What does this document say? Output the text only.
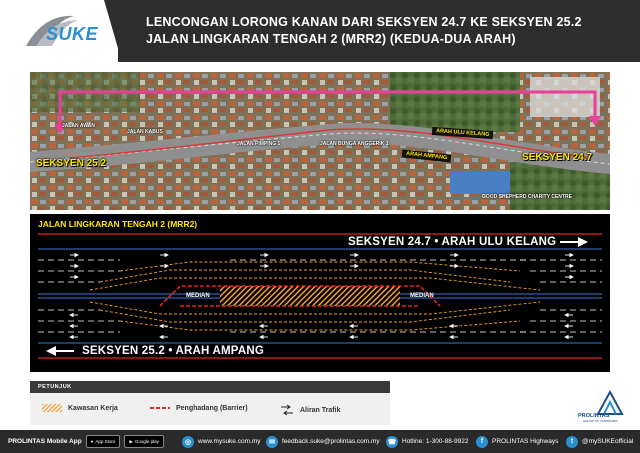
SUKE
LENCONGAN LORONG KANAN DARI SEKSYEN 24.7 KE SEKSYEN 25.2
JALAN LINGKARAN TENGAH 2 (MRR2) (KEDUA-DUA ARAH)
JALAN AWAN
JALAN KABUS
JALAN PIMPING 1	JALAN BUNGA ANGGERIK 1
GOOD SHEPHERD CHARITY CENTRE
SEKSYEN 25.2
SEKSYEN 24.7
ARAH ULU KELANG
ARAH AMPANG
JALAN LINGKARAN TENGAH 2 (MRR2)
SEKSYEN 24.7 • ARAH ULU KELANG
SEKSYEN 25.2 • ARAH AMPANG
MEDIAN	MEDIAN
PETUNJUK
Kawasan Kerja	Penghadang (Barrier)	Aliran Trafik
PROLINTAS
GROUP OF COMPANIES
PROLINTAS Mobile App ● App Store	▶ Google play	◎	www.mysuke.com.my	✉	feedback.suke@prolintas.com.my ☎ Hotline: 1-300-88-9922	f	PROLINTAS Highways	t	@mySUKEofficial
